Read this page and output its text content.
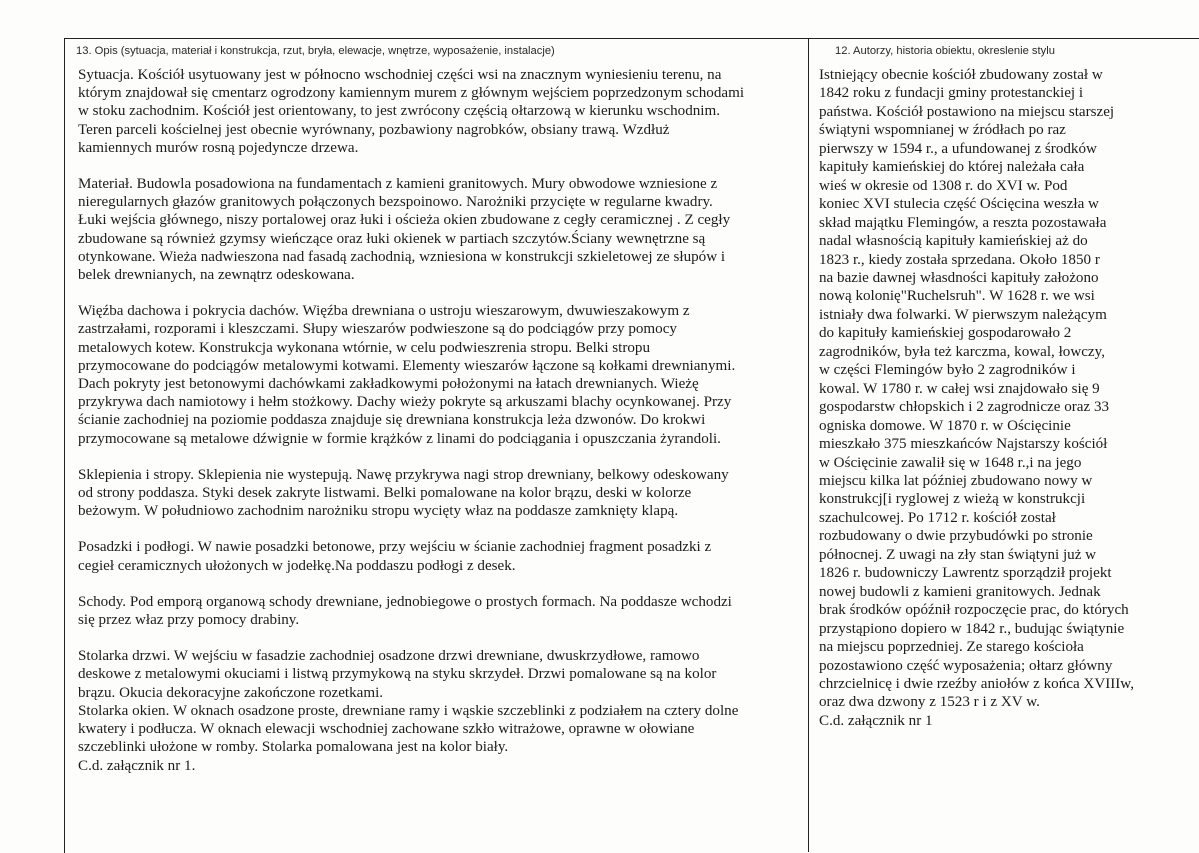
13. Opis (sytuacja, materiał i konstrukcja, rzut, bryła, elewacje, wnętrze, wyposażenie, instalacje)	12. Autorzy, historia obiektu, okreslenie stylu

Sytuacja. Kościół usytuowany jest w północno wschodniej części wsi na znacznym wyniesieniu terenu, na
którym znajdował się cmentarz ogrodzony kamiennym murem z głównym wejściem poprzedzonym schodami
w stoku zachodnim. Kościół jest orientowany, to jest zwrócony częścią ołtarzową w kierunku wschodnim.
Teren parceli kościelnej jest obecnie wyrównany, pozbawiony nagrobków, obsiany trawą. Wzdłuż
kamiennych murów rosną pojedyncze drzewa.

Materiał. Budowla posadowiona na fundamentach z kamieni granitowych. Mury obwodowe wzniesione z
nieregularnych głazów granitowych połączonych bezspoinowo. Narożniki przycięte w regularne kwadry.
Łuki wejścia głównego, niszy portalowej oraz łuki i ościeża okien zbudowane z cegły ceramicznej . Z cegły
zbudowane są również gzymsy wieńczące oraz łuki okienek w partiach szczytów.Ściany wewnętrzne są
otynkowane. Wieża nadwieszona nad fasadą zachodnią, wzniesiona w konstrukcji szkieletowej ze słupów i
belek drewnianych, na zewnątrz odeskowana.

Więźba dachowa i pokrycia dachów. Więźba drewniana o ustroju wieszarowym, dwuwieszakowym z
zastrzałami, rozporami i kleszczami. Słupy wieszarów podwieszone są do podciągów przy pomocy
metalowych kotew. Konstrukcja wykonana wtórnie, w celu podwieszrenia stropu. Belki stropu
przymocowane do podciągów metalowymi kotwami. Elementy wieszarów łączone są kołkami drewnianymi.
Dach pokryty jest betonowymi dachówkami zakładkowymi położonymi na łatach drewnianych. Wieżę
przykrywa dach namiotowy i hełm stożkowy. Dachy wieży pokryte są arkuszami blachy ocynkowanej. Przy
ścianie zachodniej na poziomie poddasza znajduje się drewniana konstrukcja leża dzwonów. Do krokwi
przymocowane są metalowe dźwignie w formie krążków z linami do podciągania i opuszczania żyrandoli.

Sklepienia i stropy. Sklepienia nie wystepują. Nawę przykrywa nagi strop drewniany, belkowy odeskowany
od strony poddasza. Styki desek zakryte listwami. Belki pomalowane na kolor brązu, deski w kolorze
beżowym. W południowo zachodnim narożniku stropu wycięty właz na poddasze zamknięty klapą.

Posadzki i podłogi. W nawie posadzki betonowe, przy wejściu w ścianie zachodniej fragment posadzki z
cegieł ceramicznych ułożonych w jodełkę.Na poddaszu podłogi z desek.

Schody. Pod emporą organową schody drewniane, jednobiegowe o prostych formach. Na poddasze wchodzi
się przez właz przy pomocy drabiny.

Stolarka drzwi. W wejściu w fasadzie zachodniej osadzone drzwi drewniane, dwuskrzydłowe, ramowo
deskowe z metalowymi okuciami i listwą przymykową na styku skrzydeł. Drzwi pomalowane są na kolor
brązu. Okucia dekoracyjne zakończone rozetkami.
Stolarka okien. W oknach osadzone proste, drewniane ramy i wąskie szczeblinki z podziałem na cztery dolne
kwatery i podłucza. W oknach elewacji wschodniej zachowane szkło witrażowe, oprawne w ołowiane
szczeblinki ułożone w romby. Stolarka pomalowana jest na kolor biały.
C.d. załącznik nr 1.

Istniejący obecnie kościół zbudowany został w
1842 roku z fundacji gminy protestanckiej i
państwa. Kościół postawiono na miejscu starszej
świątyni wspomnianej w źródłach po raz
pierwszy w 1594 r., a ufundowanej z środków
kapituły kamieńskiej do której należała cała
wieś w okresie od 1308 r. do XVI w. Pod
koniec XVI stulecia część Ościęcina weszła w
skład majątku Flemingów, a reszta pozostawała
nadal własnością kapituły kamieńskiej aż do
1823 r., kiedy została sprzedana. Około 1850 r
na bazie dawnej własdności kapituły założono
nową kolonię"Ruchelsruh". W 1628 r. we wsi
istniały dwa folwarki. W pierwszym należącym
do kapituły kamieńskiej gospodarowało 2
zagrodników, była też karczma, kowal, łowczy,
w części Flemingów było 2 zagrodników i
kowal. W 1780 r. w całej wsi znajdowało się 9
gospodarstw chłopskich i 2 zagrodnicze oraz 33
ogniska domowe. W 1870 r. w Ościęcinie
mieszkało 375 mieszkańców Najstarszy kościół
w Ościęcinie zawalił się w 1648 r.,i na jego
miejscu kilka lat później zbudowano nowy w
konstrukcj[i ryglowej z wieżą w konstrukcji
szachulcowej. Po 1712 r. kościół został
rozbudowany o dwie przybudówki po stronie
północnej. Z uwagi na zły stan świątyni już w
1826 r. budowniczy Lawrentz sporządził projekt
nowej budowli z kamieni granitowych. Jednak
brak środków opóźnił rozpoczęcie prac, do których
przystąpiono dopiero w 1842 r., budując świątynie
na miejscu poprzedniej. Ze starego kościoła
pozostawiono część wyposażenia; ołtarz główny
chrzcielnicę i dwie rzeźby aniołów z końca XVIIIw,
oraz dwa dzwony z 1523 r i z XV w.
C.d. załącznik nr 1
